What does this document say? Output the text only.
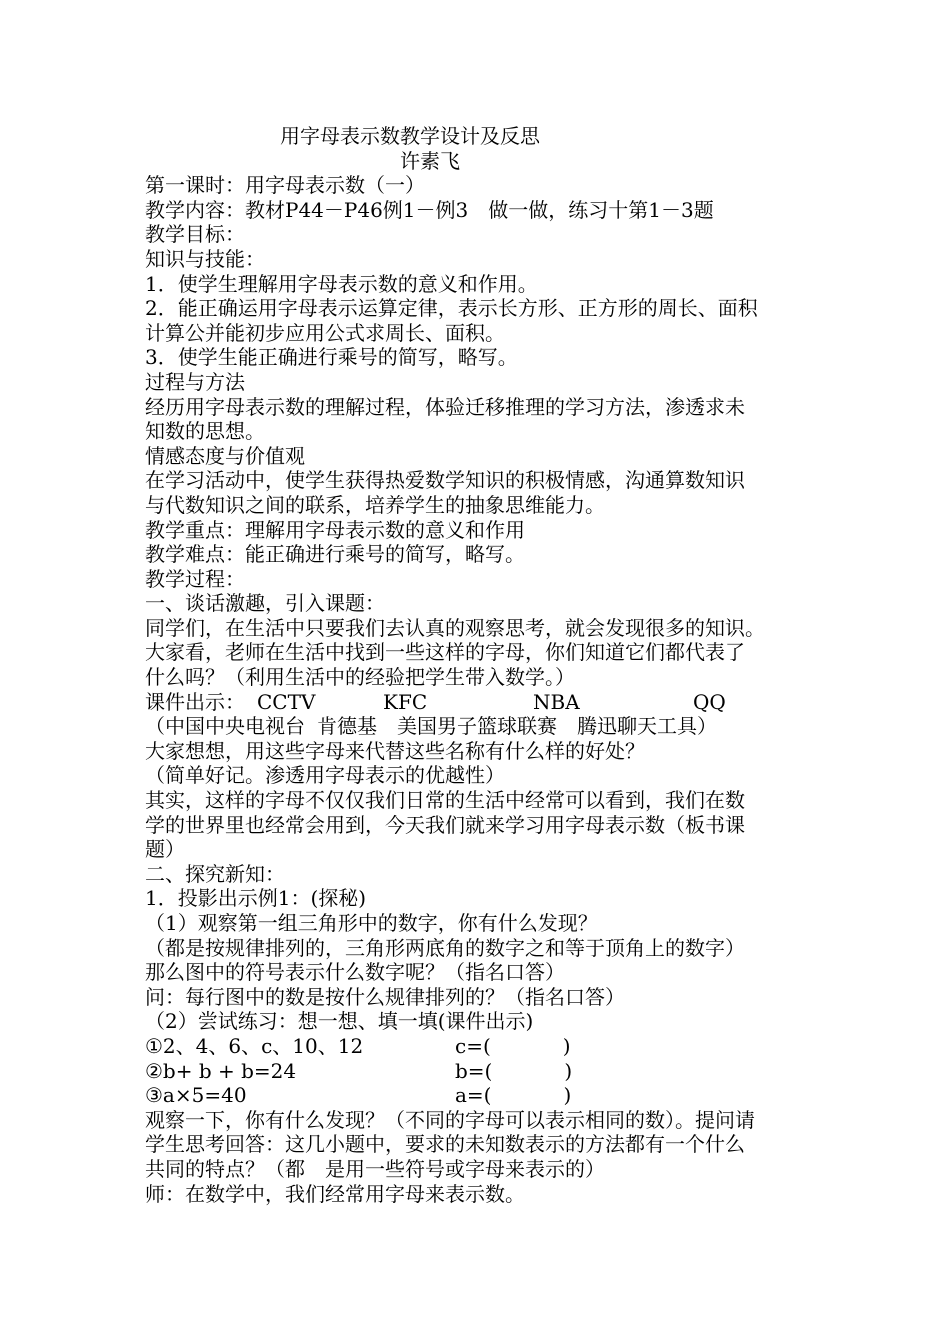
用字母表示数教学设计及反思
许素飞
第一课时：用字母表示数（一）
教学内容：教材P44－P46例1－例3　做一做，练习十第1－3题
教学目标：
知识与技能：
1．使学生理解用字母表示数的意义和作用。
2．能正确运用字母表示运算定律，表示长方形、正方形的周长、面积
计算公并能初步应用公式求周长、面积。
3．使学生能正确进行乘号的简写，略写。
过程与方法
经历用字母表示数的理解过程，体验迁移推理的学习方法，渗透求未
知数的思想。
情感态度与价值观
在学习活动中，使学生获得热爱数学知识的积极情感，沟通算数知识
与代数知识之间的联系，培养学生的抽象思维能力。
教学重点：理解用字母表示数的意义和作用
教学难点：能正确进行乘号的简写，略写。
教学过程：
一、谈话激趣，引入课题：
同学们，在生活中只要我们去认真的观察思考，就会发现很多的知识。
大家看，老师在生活中找到一些这样的字母，你们知道它们都代表了
什么吗？（利用生活中的经验把学生带入数学。）
课件出示： CCTV	KFC	NBA	QQ
（中国中央电视台 肯德基 美国男子篮球联赛 腾迅聊天工具）
大家想想，用这些字母来代替这些名称有什么样的好处？
（简单好记。渗透用字母表示的优越性）
其实，这样的字母不仅仅我们日常的生活中经常可以看到，我们在数
学的世界里也经常会用到，今天我们就来学习用字母表示数（板书课
题）
二、探究新知：
1．投影出示例1：(探秘)
（1）观察第一组三角形中的数字，你有什么发现？
（都是按规律排列的，三角形两底角的数字之和等于顶角上的数字）
那么图中的符号表示什么数字呢？（指名口答）
问：每行图中的数是按什么规律排列的？（指名口答）
（2）尝试练习：想一想、填一填(课件出示)
①2、4、6、c、10、12	c=(	)
②b+ b + b=24	b=(	)
③a×5=40	a=(	)
观察一下，你有什么发现？（不同的字母可以表示相同的数）。提问请
学生思考回答：这几小题中，要求的未知数表示的方法都有一个什么
共同的特点？（都　是用一些符号或字母来表示的）
师：在数学中，我们经常用字母来表示数。
